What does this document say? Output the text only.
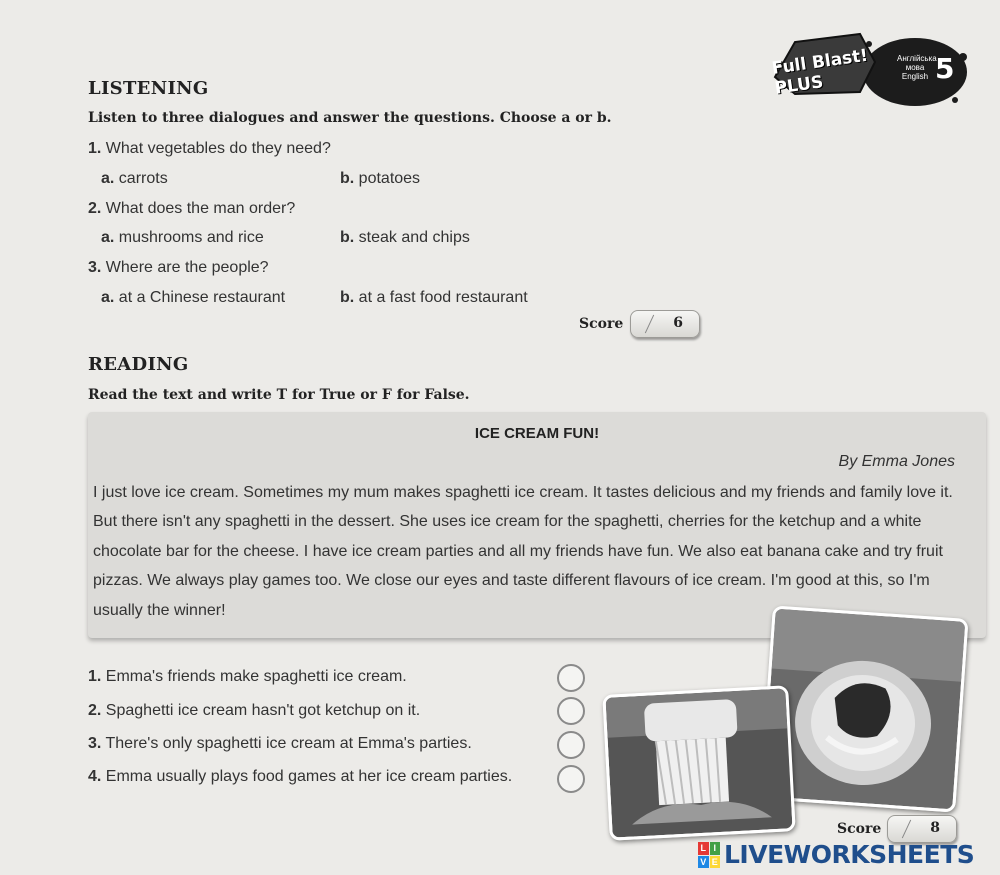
Full Blast! PLUS
Англійська
мова
English 5
LISTENING
Listen to three dialogues and answer the questions. Choose a or b.
1. What vegetables do they need?
a. carrots	b. potatoes
2. What does the man order?
a. mushrooms and rice	b. steak and chips
3. Where are the people?
a. at a Chinese restaurant	b. at a fast food restaurant
Score	6
READING
Read the text and write T for True or F for False.
ICE CREAM FUN!
By Emma Jones
I just love ice cream. Sometimes my mum makes spaghetti ice cream. It tastes delicious and my friends and family love it. But there isn't any spaghetti in the dessert. She uses ice cream for the spaghetti, cherries for the ketchup and a white chocolate bar for the cheese. I have ice cream parties and all my friends have fun. We also eat banana cake and try fruit pizzas. We always play games too. We close our eyes and taste different flavours of ice cream. I'm good at this, so I'm usually the winner!
1. Emma's friends make spaghetti ice cream.
2. Spaghetti ice cream hasn't got ketchup on it.
3. There's only spaghetti ice cream at Emma's parties.
4. Emma usually plays food games at her ice cream parties.
Score	8
L I
V E LIVEWORKSHEETS
